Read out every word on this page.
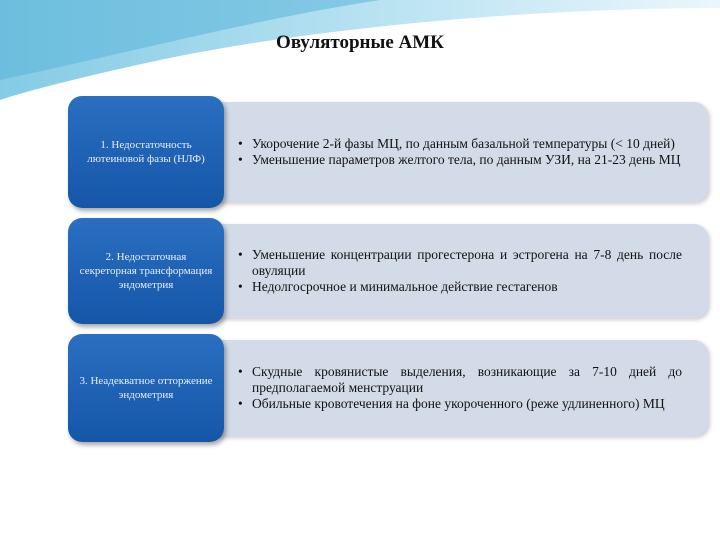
Овуляторные АМК
1. Недостаточность лютеиновой фазы (НЛФ)
• Укорочение 2-й фазы МЦ, по данным базальной температуры (< 10 дней)
• Уменьшение параметров желтого тела, по данным УЗИ, на 21-23 день МЦ
2. Недостаточная секреторная трансформация эндометрия
• Уменьшение концентрации прогестерона и эстрогена на 7-8 день после овуляции
• Недолгосрочное и минимальное действие гестагенов
3. Неадекватное отторжение эндометрия
• Скудные кровянистые выделения, возникающие за 7-10 дней до предполагаемой менструации
• Обильные кровотечения на фоне укороченного (реже удлиненного) МЦ
